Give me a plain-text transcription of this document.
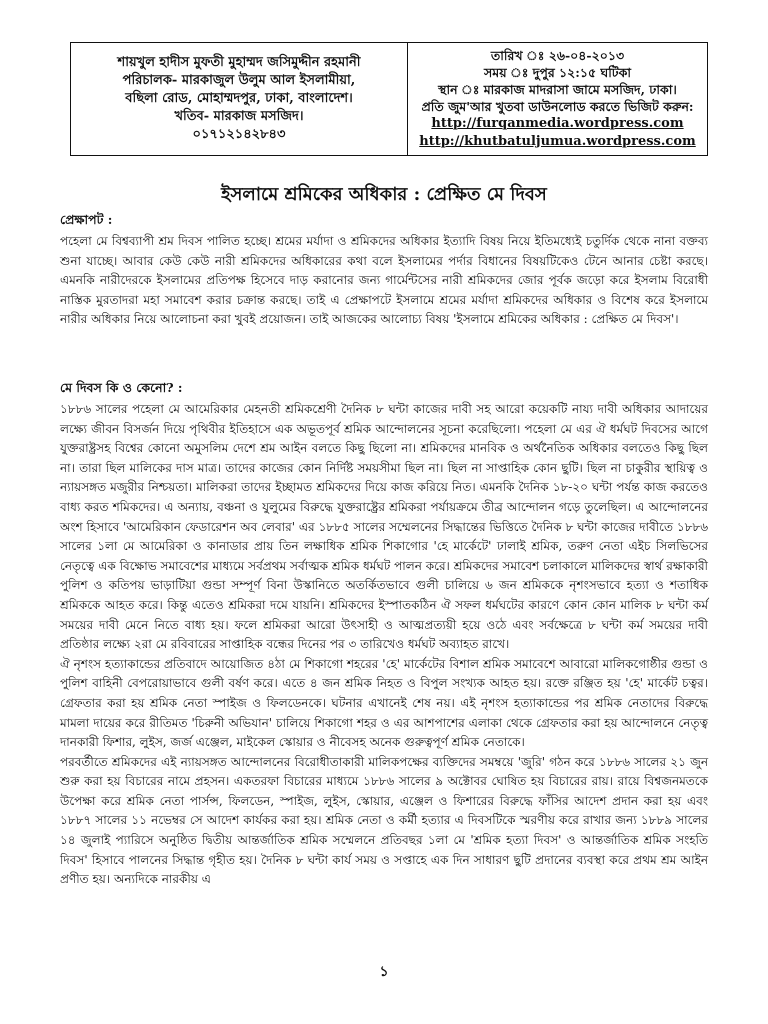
শায়খুল হাদীস মুফতী মুহাম্মদ জসিমুদ্দীন রহমানী
পরিচালক- মারকাজুল উলুম আল ইসলামীয়া,
বছিলা রোড, মোহাম্মদপুর, ঢাকা, বাংলাদেশ।
খতিব- মারকাজ মসজিদ।
০১৭১২১৪২৮৪৩

তারিখ ঃ ২৬-০৪-২০১৩
সময় ঃ দুপুর ১২:১৫ ঘটিকা
স্থান ঃ মারকাজ মাদরাসা জামে মসজিদ, ঢাকা।
প্রতি জুম'আর খুতবা ডাউনলোড করতে ভিজিট করুন:
http://furqanmedia.wordpress.com
http://khutbatuljumua.wordpress.com
ইসলামে শ্রমিকের অধিকার : প্রেক্ষিত মে দিবস

প্রেক্ষাপট :

পহেলা মে বিশ্বব্যাপী শ্রম দিবস পালিত হচ্ছে। শ্রমের মর্যাদা ও শ্রমিকদের অধিকার ইত্যাদি বিষয় নিয়ে ইতিমধ্যেই চতুর্দিক থেকে নানা বক্তব্য শুনা যাচ্ছে। আবার কেউ কেউ নারী শ্রমিকদের অধিকারের কথা বলে ইসলামের পর্দার বিধানের বিষয়টিকেও টেনে আনার চেষ্টা করছে। এমনকি নারীদেরকে ইসলামের প্রতিপক্ষ হিসেবে দাড় করানোর জন্য গার্মেন্টসের নারী শ্রমিকদের জোর পূর্বক জড়ো করে ইসলাম বিরোধী নাস্তিক মুরতাদরা মহা সমাবেশ করার চক্রান্ত করছে। তাই এ প্রেক্ষাপটে ইসলামে শ্রমের মর্যাদা শ্রমিকদের অধিকার ও বিশেষ করে ইসলামে নারীর অধিকার নিয়ে আলোচনা করা খুবই প্রয়োজন। তাই আজকের আলোচ্য বিষয় 'ইসলামে শ্রমিকের অধিকার : প্রেক্ষিত মে দিবস'।

মে দিবস কি ও কেনো? :

১৮৮৬ সালের পহেলা মে আমেরিকার মেহনতী শ্রমিকশ্রেণী দৈনিক ৮ ঘন্টা কাজের দাবী সহ আরো কয়েকটি নায্য দাবী অধিকার আদায়ের লক্ষ্যে জীবন বিসর্জন দিয়ে পৃথিবীর ইতিহাসে এক অভূতপূর্ব শ্রমিক আন্দোলনের সূচনা করেছিলো। পহেলা মে এর ঐ ধর্মঘট দিবসের আগে যুক্তরাষ্ট্রসহ বিশ্বের কোনো অমুসলিম দেশে শ্রম আইন বলতে কিছু ছিলো না। শ্রমিকদের মানবিক ও অর্থনৈতিক অধিকার বলতেও কিছু ছিল না। তারা ছিল মালিকের দাস মাত্র। তাদের কাজের কোন নির্দিষ্ট সময়সীমা ছিল না। ছিল না সাপ্তাহিক কোন ছুটি। ছিল না চাকুরীর স্থায়িত্ব ও ন্যায়সঙ্গত মজুরীর নিশ্চয়তা। মালিকরা তাদের ইচ্ছামত শ্রমিকদের দিয়ে কাজ করিয়ে নিত। এমনকি দৈনিক ১৮-২০ ঘন্টা পর্যন্ত কাজ করতেও বাধ্য করত শমিকদের। এ অন্যায়, বঞ্চনা ও যুলুমের বিরুদ্ধে যুক্তরাষ্ট্রের শ্রমিকরা পর্যায়ক্রমে তীব্র আন্দোলন গড়ে তুলেছিল। এ আন্দোলনের অংশ হিসাবে 'আমেরিকান ফেডারেশন অব লেবার' এর ১৮৮৫ সালের সম্মেলনের সিদ্ধান্তের ভিত্তিতে দৈনিক ৮ ঘন্টা কাজের দাবীতে ১৮৮৬ সালের ১লা মে আমেরিকা ও কানাডার প্রায় তিন লক্ষাধিক শ্রমিক শিকাগোর 'হে মার্কেটে' ঢালাই শ্রমিক, তরুণ নেতা এইচ সিলভিসের নেতৃত্বে এক বিক্ষোভ সমাবেশের মাধ্যমে সর্বপ্রথম সর্বাত্মক শ্রমিক ধর্মঘট পালন করে। শ্রমিকদের সমাবেশ চলাকালে মালিকদের স্বার্থ রক্ষাকারী পুলিশ ও কতিপয় ভাড়াটিয়া গুন্ডা সম্পূর্ণ বিনা উস্কানিতে অতর্কিতভাবে গুলী চালিয়ে ৬ জন শ্রমিককে নৃশংসভাবে হত্যা ও শতাধিক শ্রমিককে আহত করে। কিন্তু এতেও শ্রমিকরা দমে যায়নি। শ্রমিকদের ইস্পাতকঠিন ঐ সফল ধর্মঘটের কারণে কোন কোন মালিক ৮ ঘন্টা কর্ম সময়ের দাবী মেনে নিতে বাধ্য হয়। ফলে শ্রমিকরা আরো উৎসাহী ও আত্মপ্রত্যয়ী হয়ে ওঠে এবং সর্বক্ষেত্রে ৮ ঘন্টা কর্ম সময়ের দাবী প্রতিষ্ঠার লক্ষ্যে ২রা মে রবিবারের সাপ্তাহিক বন্ধের দিনের পর ৩ তারিখেও ধর্মঘট অব্যাহত রাখে।

ঐ নৃশংস হত্যাকান্ডের প্রতিবাদে আয়োজিত ৪ঠা মে শিকাগো শহরের 'হে' মার্কেটের বিশাল শ্রমিক সমাবেশে আবারো মালিকগোষ্ঠীর গুন্ডা ও পুলিশ বাহিনী বেপরোয়াভাবে গুলী বর্ষণ করে। এতে ৪ জন শ্রমিক নিহত ও বিপুল সংখ্যক আহত হয়। রক্তে রঞ্জিত হয় 'হে' মার্কেট চত্বর। গ্রেফতার করা হয় শ্রমিক নেতা স্পাইজ ও ফিলডেনকে। ঘটনার এখানেই শেষ নয়। এই নৃশংস হত্যাকান্ডের পর শ্রমিক নেতাদের বিরুদ্ধে মামলা দায়ের করে রীতিমত 'চিরুনী অভিযান' চালিয়ে শিকাগো শহর ও এর আশপাশের এলাকা থেকে গ্রেফতার করা হয় আন্দোলনে নেতৃত্ব দানকারী ফিশার, লুইস, জর্জ এঞ্জেল, মাইকেল স্কোয়ার ও নীবেসহ অনেক গুরুত্বপূর্ণ শ্রমিক নেতাকে।

পরবর্তীতে শ্রমিকদের এই ন্যায়সঙ্গত আন্দোলনের বিরোধীতাকারী মালিকপক্ষের ব্যক্তিদের সমম্বয়ে 'জুরি' গঠন করে ১৮৮৬ সালের ২১ জুন শুরু করা হয় বিচারের নামে প্রহসন। একতরফা বিচারের মাধ্যমে ১৮৮৬ সালের ৯ অক্টোবর ঘোষিত হয় বিচারের রায়। রায়ে বিশ্বজনমতকে উপেক্ষা করে শ্রমিক নেতা পার্সন্স, ফিলডেন, স্পাইজ, লুইস, স্কোয়ার, এঞ্জেল ও ফিশারের বিরুদ্ধে ফাঁসির আদেশ প্রদান করা হয় এবং ১৮৮৭ সালের ১১ নভেম্বর সে আদেশ কার্যকর করা হয়। শ্রমিক নেতা ও কর্মী হত্যার এ দিবসটিকে স্মরণীয় করে রাখার জন্য ১৮৮৯ সালের ১৪ জুলাই প্যারিসে অনুষ্ঠিত দ্বিতীয় আন্তর্জাতিক শ্রমিক সম্মেলনে প্রতিবছর ১লা মে 'শ্রমিক হত্যা দিবস' ও আন্তর্জাতিক শ্রমিক সংহতি দিবস' হিসাবে পালনের সিদ্ধান্ত গৃহীত হয়। দৈনিক ৮ ঘন্টা কার্য সময় ও সপ্তাহে এক দিন সাধারণ ছুটি প্রদানের ব্যবস্থা করে প্রথম শ্রম আইন প্রণীত হয়। অন্যদিকে নারকীয় এ

১
